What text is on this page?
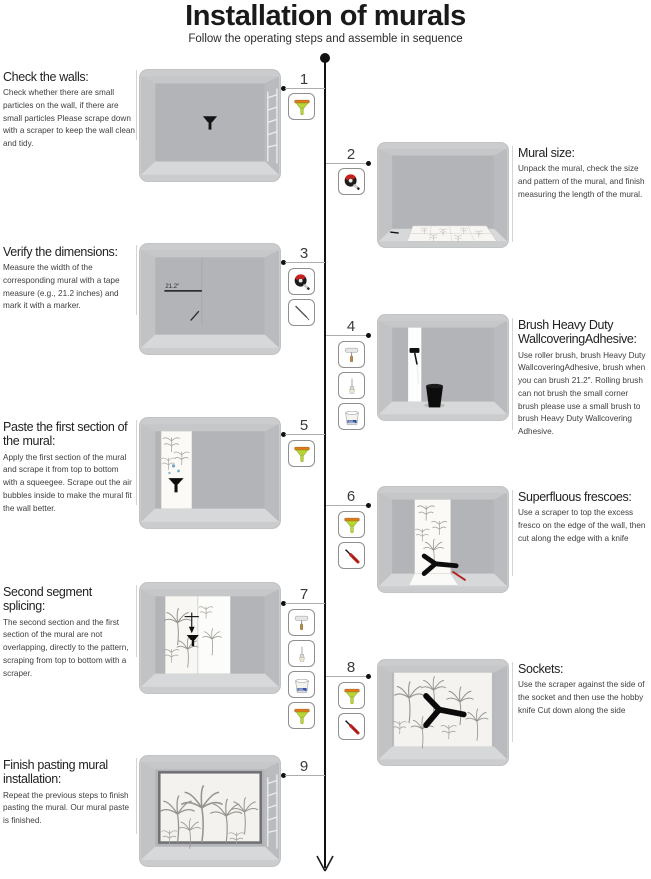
Installation of murals
Follow the operating steps and assemble in sequence
Check the walls:

Check whether there are small particles on the wall, if there are small particles Please scrape down with a scraper to keep the wall clean and tidy.

1
2	Mural size:

Unpack the mural, check the size and pattern of the mural, and finish measuring the length of the mural.

Verify the dimensions:

Measure the width of the corresponding mural with a tape measure (e.g., 21.2 inches) and mark it with a marker.

21.2"
3
4	Brush Heavy Duty WallcoveringAdhesive:

Use roller brush, brush Heavy Duty WallcoveringAdhesive, brush when you can brush 21.2". Rolling brush can not brush the small corner brush please use a small brush to brush Heavy Duty Wallcovering Adhesive.

Paste the first section of the mural:

Apply the first section of the mural and scrape it from top to bottom with a squeegee. Scrape out the air bubbles inside to make the mural fit the wall better.

5
6	Superfluous frescoes:

Use a scraper to top the excess fresco on the edge of the wall, then cut along the edge with a knife

Second segment splicing:

The second section and the first section of the mural are not overlapping, directly to the pattern, scraping from top to bottom with a scraper.

7
8	Sockets:

Use the scraper against the side of the socket and then use the hobby knife Cut down along the side

Finish pasting mural installation:

Repeat the previous steps to finish pasting the mural. Our mural paste is finished.

9
